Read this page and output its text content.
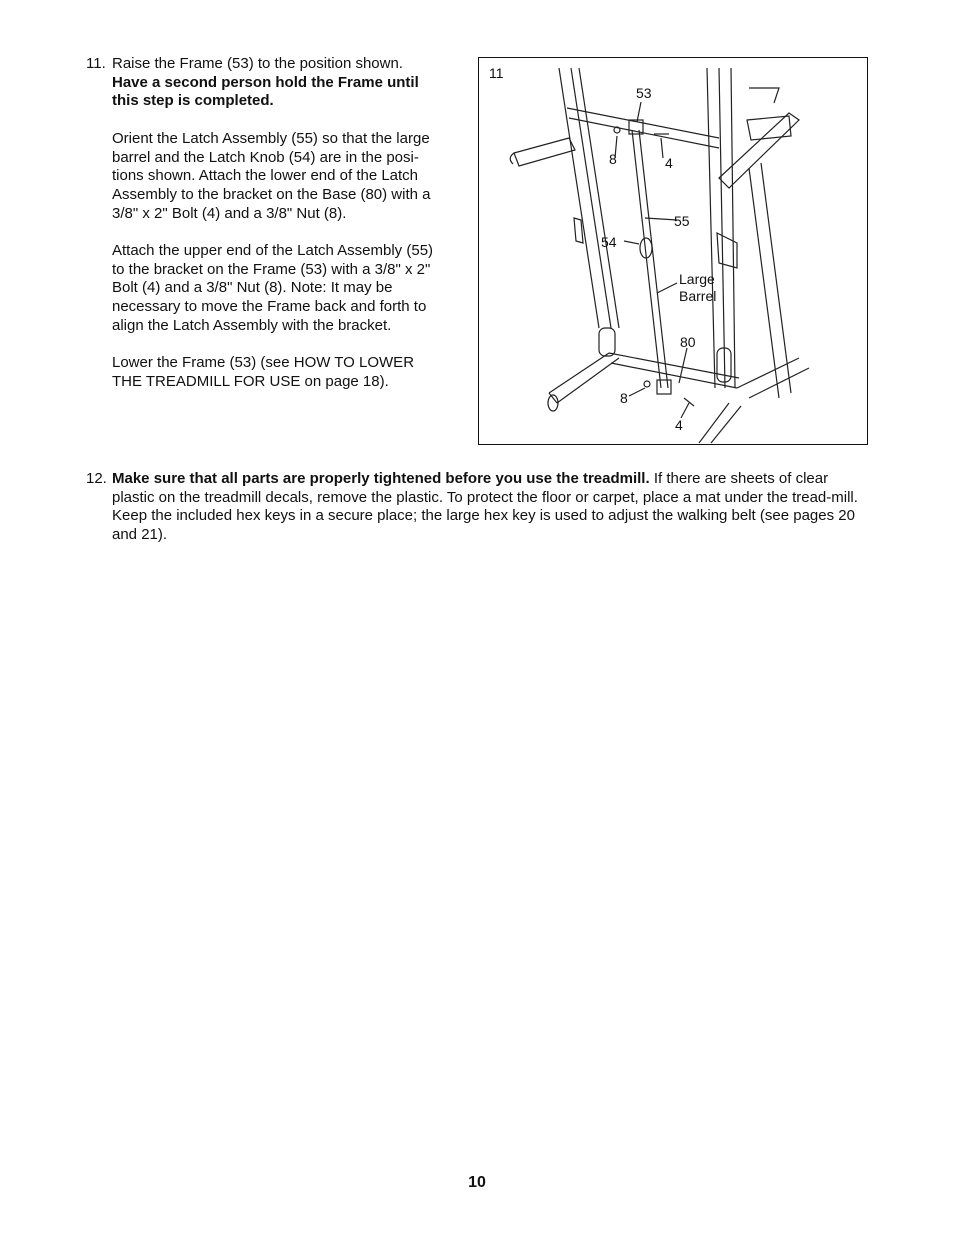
11. Raise the Frame (53) to the position shown.

Have a second person hold the Frame until this step is completed.

Orient the Latch Assembly (55) so that the large barrel and the Latch Knob (54) are in the posi-tions shown. Attach the lower end of the Latch Assembly to the bracket on the Base (80) with a 3/8" x 2" Bolt (4) and a 3/8" Nut (8).

Attach the upper end of the Latch Assembly (55) to the bracket on the Frame (53) with a 3/8" x 2" Bolt (4) and a 3/8" Nut (8). Note: It may be necessary to move the Frame back and forth to align the Latch Assembly with the bracket.

Lower the Frame (53) (see HOW TO LOWER THE TREADMILL FOR USE on page 18).

11
53
8	4
55
54
Large
Barrel
80
8
4
12. Make sure that all parts are properly tightened before you use the treadmill. If there are sheets of clear plastic on the treadmill decals, remove the plastic. To protect the floor or carpet, place a mat under the tread-mill. Keep the included hex keys in a secure place; the large hex key is used to adjust the walking belt (see pages 20 and 21).

10
